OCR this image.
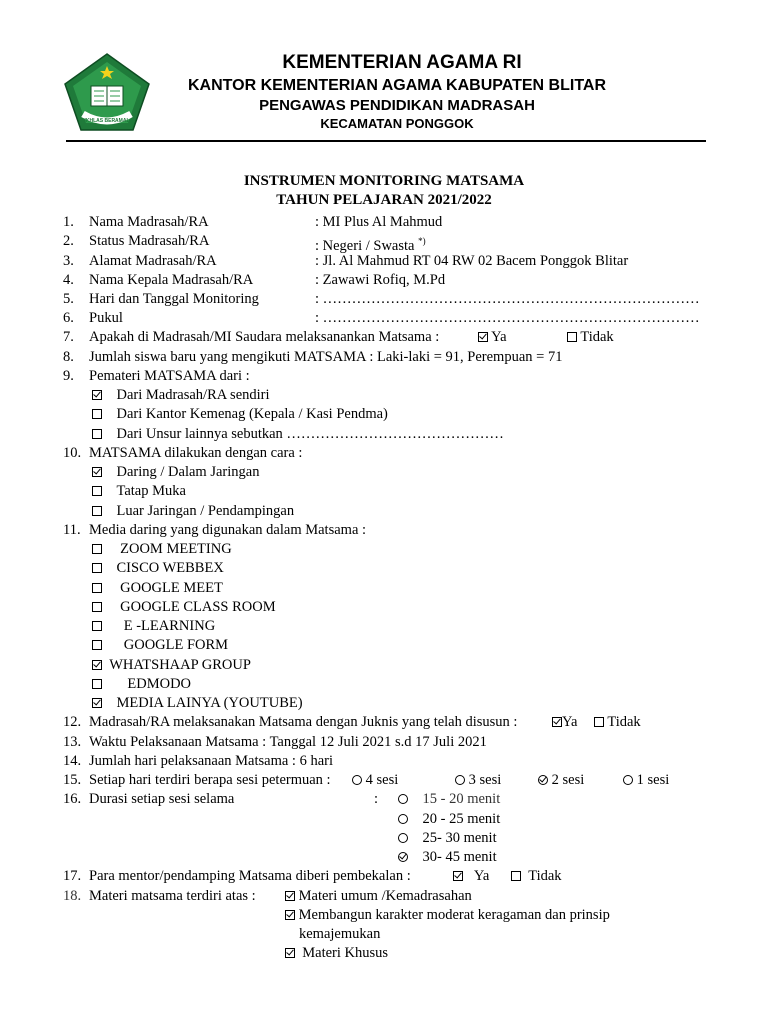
IKHLAS BERAMAL
KEMENTERIAN AGAMA RI
KANTOR KEMENTERIAN AGAMA KABUPATEN BLITAR
PENGAWAS PENDIDIKAN MADRASAH
KECAMATAN PONGGOK
INSTRUMEN MONITORING MATSAMA
TAHUN PELAJARAN 2021/2022
1. Nama Madrasah/RA	: MI Plus Al Mahmud
2. Status Madrasah/RA	: Negeri / Swasta *)
3. Alamat Madrasah/RA	: Jl. Al Mahmud RT 04 RW 02 Bacem Ponggok Blitar
4. Nama Kepala Madrasah/RA	: Zawawi Rofiq, M.Pd
5. Hari dan Tanggal Monitoring	: ……………………………………………………………………
6. Pukul	: ……………………………………………………………………
7. Apakah di Madrasah/MI Saudara melaksanankan Matsama :	Ya	Tidak
8. Jumlah siswa baru yang mengikuti MATSAMA : Laki-laki = 91, Perempuan = 71
9. Pemateri MATSAMA dari :
Dari Madrasah/RA sendiri
Dari Kantor Kemenag (Kepala / Kasi Pendma)
Dari Unsur lainnya sebutkan ………………………………………
10. MATSAMA dilakukan dengan cara :
Daring / Dalam Jaringan
Tatap Muka
Luar Jaringan / Pendampingan
11. Media daring yang digunakan dalam Matsama :
ZOOM MEETING
CISCO WEBBEX
GOOGLE MEET
GOOGLE CLASS ROOM
E -LEARNING
GOOGLE FORM
WHATSHAAP GROUP
EDMODO
MEDIA LAINYA (YOUTUBE)
12. Madrasah/RA melaksanakan Matsama dengan Juknis yang telah disusun :	Ya	Tidak
13. Waktu Pelaksanaan Matsama : Tanggal 12 Juli 2021 s.d 17 Juli 2021
14. Jumlah hari pelaksanaan Matsama : 6 hari
15. Setiap hari terdiri berapa sesi petermuan :	4 sesi	3 sesi	2 sesi	1 sesi
16. Durasi setiap sesi selama	:	15 - 20 menit
20 - 25 menit
25- 30 menit
30- 45 menit
17. Para mentor/pendamping Matsama diberi pembekalan :	Ya	Tidak
18. Materi matsama terdiri atas :	Materi umum /Kemadrasahan
Membangun karakter moderat keragaman dan prinsip
kemajemukan
Materi Khusus
